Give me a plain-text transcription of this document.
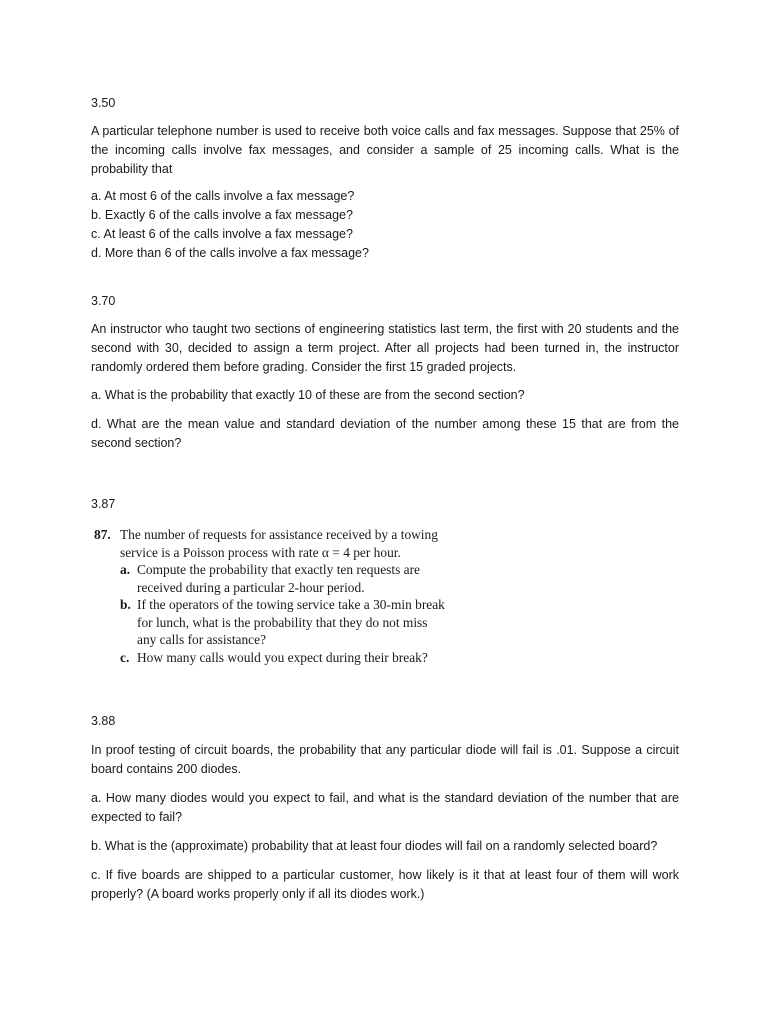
3.50
A particular telephone number is used to receive both voice calls and fax messages. Suppose that 25% of the incoming calls involve fax messages, and consider a sample of 25 incoming calls. What is the probability that
a. At most 6 of the calls involve a fax message?
b. Exactly 6 of the calls involve a fax message?
c. At least 6 of the calls involve a fax message?
d. More than 6 of the calls involve a fax message?
3.70
An instructor who taught two sections of engineering statistics last term, the first with 20 students and the second with 30, decided to assign a term project. After all projects had been turned in, the instructor randomly ordered them before grading. Consider the first 15 graded projects.
a. What is the probability that exactly 10 of these are from the second section?
d. What are the mean value and standard deviation of the number among these 15 that are from the second section?
3.87
87. The number of requests for assistance received by a towing
service is a Poisson process with rate α = 4 per hour.
a. Compute the probability that exactly ten requests are
received during a particular 2-hour period.
b. If the operators of the towing service take a 30-min break
for lunch, what is the probability that they do not miss
any calls for assistance?
c. How many calls would you expect during their break?
3.88
In proof testing of circuit boards, the probability that any particular diode will fail is .01. Suppose a circuit board contains 200 diodes.
a. How many diodes would you expect to fail, and what is the standard deviation of the number that are expected to fail?
b. What is the (approximate) probability that at least four diodes will fail on a randomly selected board?
c. If five boards are shipped to a particular customer, how likely is it that at least four of them will work properly? (A board works properly only if all its diodes work.)
